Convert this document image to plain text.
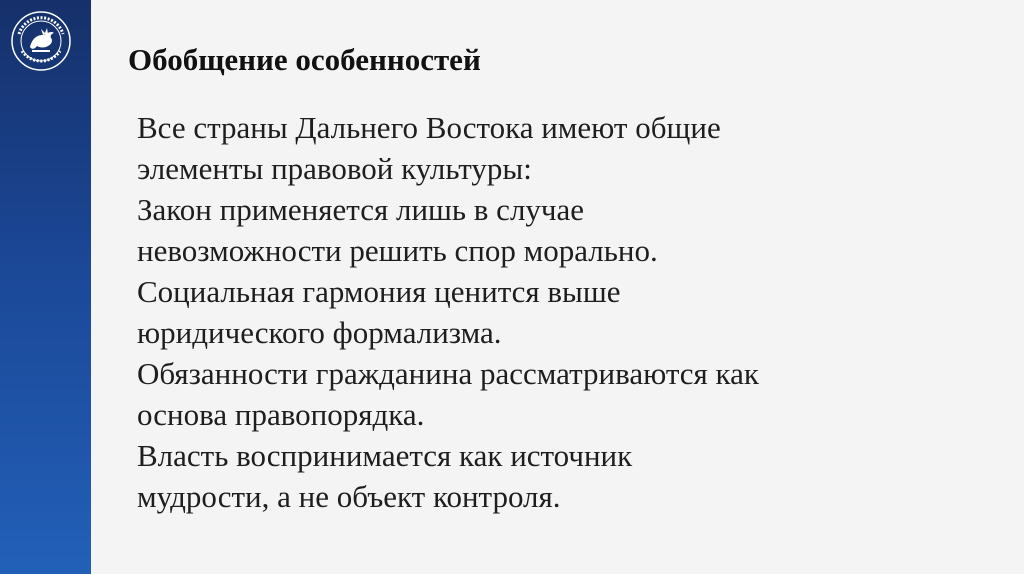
Обобщение особенностей
Все страны Дальнего Востока имеют общие
элементы правовой культуры:
Закон применяется лишь в случае
невозможности решить спор морально.
Социальная гармония ценится выше
юридического формализма.
Обязанности гражданина рассматриваются как
основа правопорядка.
Власть воспринимается как источник
мудрости, а не объект контроля.
